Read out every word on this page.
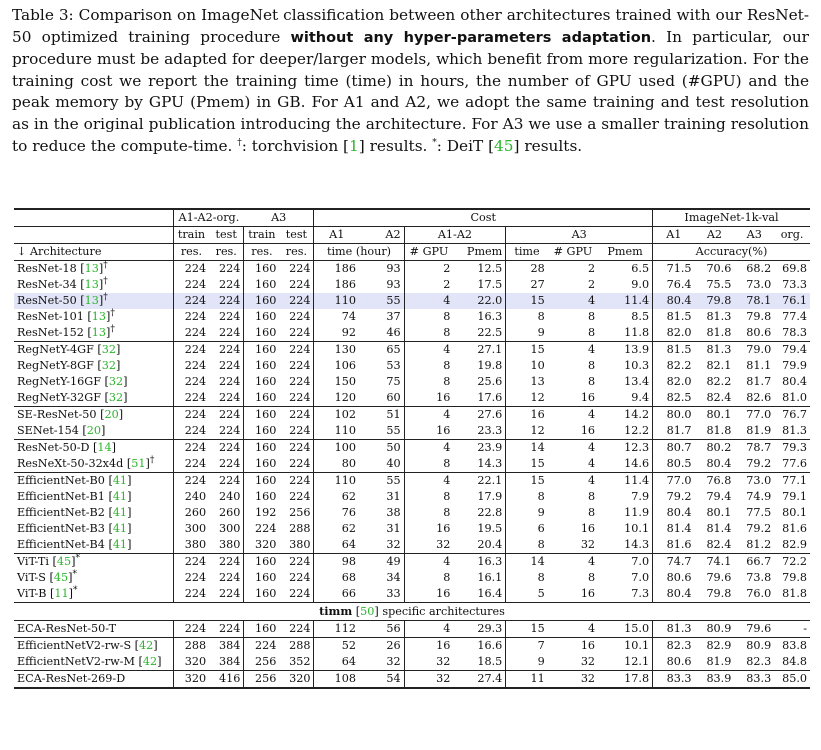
Table 3: Comparison on ImageNet classification between other architectures trained with our ResNet-50 optimized training procedure without any hyper-parameters adaptation. In particular, our procedure must be adapted for deeper/larger models, which benefit from more regularization. For the training cost we report the training time (time) in hours, the number of GPU used (#GPU) and the peak memory by GPU (Pmem) in GB. For A1 and A2, we adopt the same training and test resolution as in the original publication introducing the architecture. For A3 we use a smaller training resolution to reduce the compute-time. †: torchvision [1] results. *: DeiT [45] results.
	A1-A2-org.		A3		Cost							ImageNet-1k-val			
	train	test	train	test	A1	A2	A1-A2		A3			A1	A2	A3	org.
↓ Architecture	res.	res.	res.	res.	time (hour)		# GPU	Pmem	time	# GPU	Pmem	Accuracy(%)			
ResNet-18 [13]†	224	224	160	224	186	93	2	12.5	28	2	6.5	71.5	70.6	68.2	69.8
ResNet-34 [13]†	224	224	160	224	186	93	2	17.5	27	2	9.0	76.4	75.5	73.0	73.3
ResNet-50 [13]†	224	224	160	224	110	55	4	22.0	15	4	11.4	80.4	79.8	78.1	76.1
ResNet-101 [13]†	224	224	160	224	74	37	8	16.3	8	8	8.5	81.5	81.3	79.8	77.4
ResNet-152 [13]†	224	224	160	224	92	46	8	22.5	9	8	11.8	82.0	81.8	80.6	78.3
RegNetY-4GF [32]	224	224	160	224	130	65	4	27.1	15	4	13.9	81.5	81.3	79.0	79.4
RegNetY-8GF [32]	224	224	160	224	106	53	8	19.8	10	8	10.3	82.2	82.1	81.1	79.9
RegNetY-16GF [32]	224	224	160	224	150	75	8	25.6	13	8	13.4	82.0	82.2	81.7	80.4
RegNetY-32GF [32]	224	224	160	224	120	60	16	17.6	12	16	9.4	82.5	82.4	82.6	81.0
SE-ResNet-50 [20]	224	224	160	224	102	51	4	27.6	16	4	14.2	80.0	80.1	77.0	76.7
SENet-154 [20]	224	224	160	224	110	55	16	23.3	12	16	12.2	81.7	81.8	81.9	81.3
ResNet-50-D [14]	224	224	160	224	100	50	4	23.9	14	4	12.3	80.7	80.2	78.7	79.3
ResNeXt-50-32x4d [51]†	224	224	160	224	80	40	8	14.3	15	4	14.6	80.5	80.4	79.2	77.6
EfficientNet-B0 [41]	224	224	160	224	110	55	4	22.1	15	4	11.4	77.0	76.8	73.0	77.1
EfficientNet-B1 [41]	240	240	160	224	62	31	8	17.9	8	8	7.9	79.2	79.4	74.9	79.1
EfficientNet-B2 [41]	260	260	192	256	76	38	8	22.8	9	8	11.9	80.4	80.1	77.5	80.1
EfficientNet-B3 [41]	300	300	224	288	62	31	16	19.5	6	16	10.1	81.4	81.4	79.2	81.6
EfficientNet-B4 [41]	380	380	320	380	64	32	32	20.4	8	32	14.3	81.6	82.4	81.2	82.9
ViT-Ti [45]*	224	224	160	224	98	49	4	16.3	14	4	7.0	74.7	74.1	66.7	72.2
ViT-S [45]*	224	224	160	224	68	34	8	16.1	8	8	7.0	80.6	79.6	73.8	79.8
ViT-B [11]*	224	224	160	224	66	33	16	16.4	5	16	7.3	80.4	79.8	76.0	81.8
timm [50] specific architectures															
ECA-ResNet-50-T	224	224	160	224	112	56	4	29.3	15	4	15.0	81.3	80.9	79.6	-
EfficientNetV2-rw-S [42]	288	384	224	288	52	26	16	16.6	7	16	10.1	82.3	82.9	80.9	83.8
EfficientNetV2-rw-M [42]	320	384	256	352	64	32	32	18.5	9	32	12.1	80.6	81.9	82.3	84.8
ECA-ResNet-269-D	320	416	256	320	108	54	32	27.4	11	32	17.8	83.3	83.9	83.3	85.0
